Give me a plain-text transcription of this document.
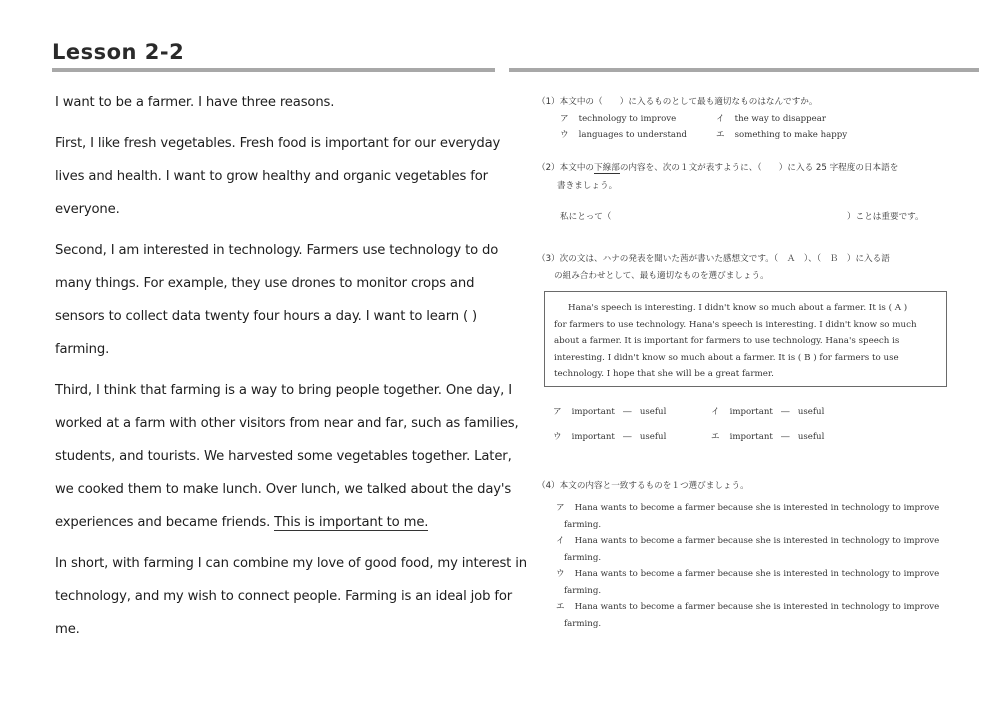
Lesson 2-2

I want to be a farmer. I have three reasons.

First, I like fresh vegetables. Fresh food is important for our everyday

lives and health. I want to grow healthy and organic vegetables for

everyone.

Second, I am interested in technology. Farmers use technology to do

many things. For example, they use drones to monitor crops and

sensors to collect data twenty four hours a day. I want to learn ( )

farming.

Third, I think that farming is a way to bring people together. One day, I

worked at a farm with other visitors from near and far, such as families,

students, and tourists. We harvested some vegetables together. Later,

we cooked them to make lunch. Over lunch, we talked about the day's

experiences and became friends. This is important to me.

In short, with farming I can combine my love of good food, my interest in

technology, and my wish to connect people. Farming is an ideal job for

me.

（1）本文中の（　　）に入るものとして最も適切なものはなんですか。
ア technology to improve	イ the way to disappear
ウ languages to understand	エ something to make happy
（2）本文中の下線部の内容を、次の１文が表すように、（　　）に入る 25 字程度の日本語を
書きましょう。
私にとって（	）ことは重要です。
（3）次の文は、ハナの発表を聞いた茜が書いた感想文です。（　Ａ　）、（　Ｂ　）に入る語
の組み合わせとして、最も適切なものを選びましょう。

Hana's speech is interesting. I didn't know so much about a farmer. It is ( A )

for farmers to use technology. Hana's speech is interesting. I didn't know so much

about a farmer. It is important for farmers to use technology. Hana's speech is

interesting. I didn't know so much about a farmer. It is ( B ) for farmers to use

technology. I hope that she will be a great farmer.

ア important   ―   useful	イ important   ―   useful
ウ important   ―   useful	エ important   ―   useful
（4）本文の内容と一致するものを１つ選びましょう。
ア Hana wants to become a farmer because she is interested in technology to improve
farming.
イ Hana wants to become a farmer because she is interested in technology to improve
farming.
ウ Hana wants to become a farmer because she is interested in technology to improve
farming.
エ Hana wants to become a farmer because she is interested in technology to improve
farming.
